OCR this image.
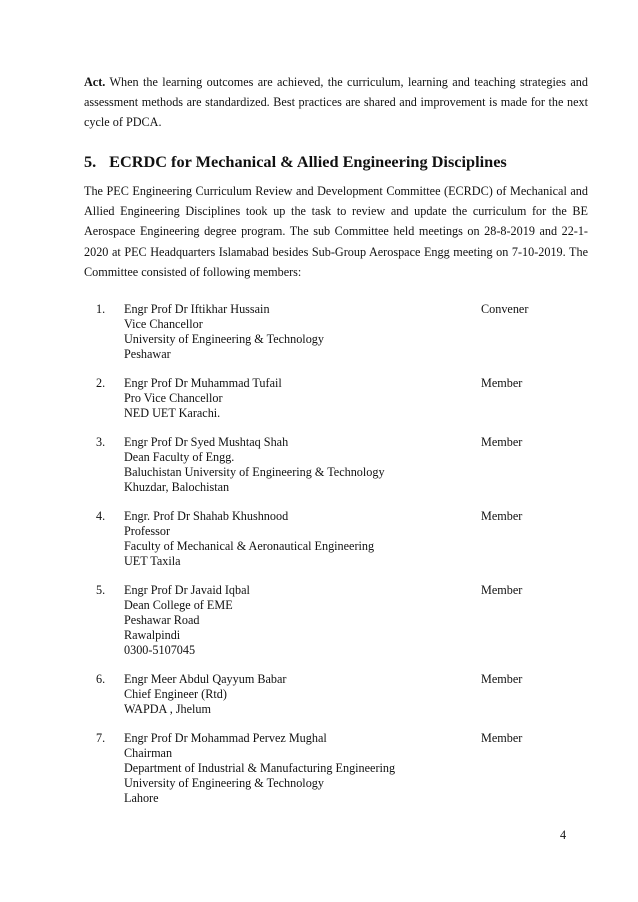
Act. When the learning outcomes are achieved, the curriculum, learning and teaching strategies and assessment methods are standardized. Best practices are shared and improvement is made for the next cycle of PDCA.

5. ECRDC for Mechanical & Allied Engineering Disciplines

The PEC Engineering Curriculum Review and Development Committee (ECRDC) of Mechanical and Allied Engineering Disciplines took up the task to review and update the curriculum for the BE Aerospace Engineering degree program. The sub Committee held meetings on 28-8-2019 and 22-1-2020 at PEC Headquarters Islamabad besides Sub-Group Aerospace Engg meeting on 7-10-2019. The Committee consisted of following members:

1. Engr Prof Dr Iftikhar Hussain
Vice Chancellor
University of Engineering & Technology
Peshawar
Convener
2. Engr Prof Dr Muhammad Tufail
Pro Vice Chancellor
NED UET Karachi.
Member
3. Engr Prof Dr Syed Mushtaq Shah
Dean Faculty of Engg.
Baluchistan University of Engineering & Technology
Khuzdar, Balochistan
Member
4. Engr. Prof Dr Shahab Khushnood
Professor
Faculty of Mechanical & Aeronautical Engineering
UET Taxila
Member
5. Engr Prof Dr Javaid Iqbal
Dean College of EME
Peshawar Road
Rawalpindi
0300-5107045
Member
6. Engr Meer Abdul Qayyum Babar
Chief Engineer (Rtd)
WAPDA , Jhelum
Member
7. Engr Prof Dr Mohammad Pervez Mughal
Chairman
Department of Industrial & Manufacturing Engineering
University of Engineering & Technology
Lahore
Member
4
